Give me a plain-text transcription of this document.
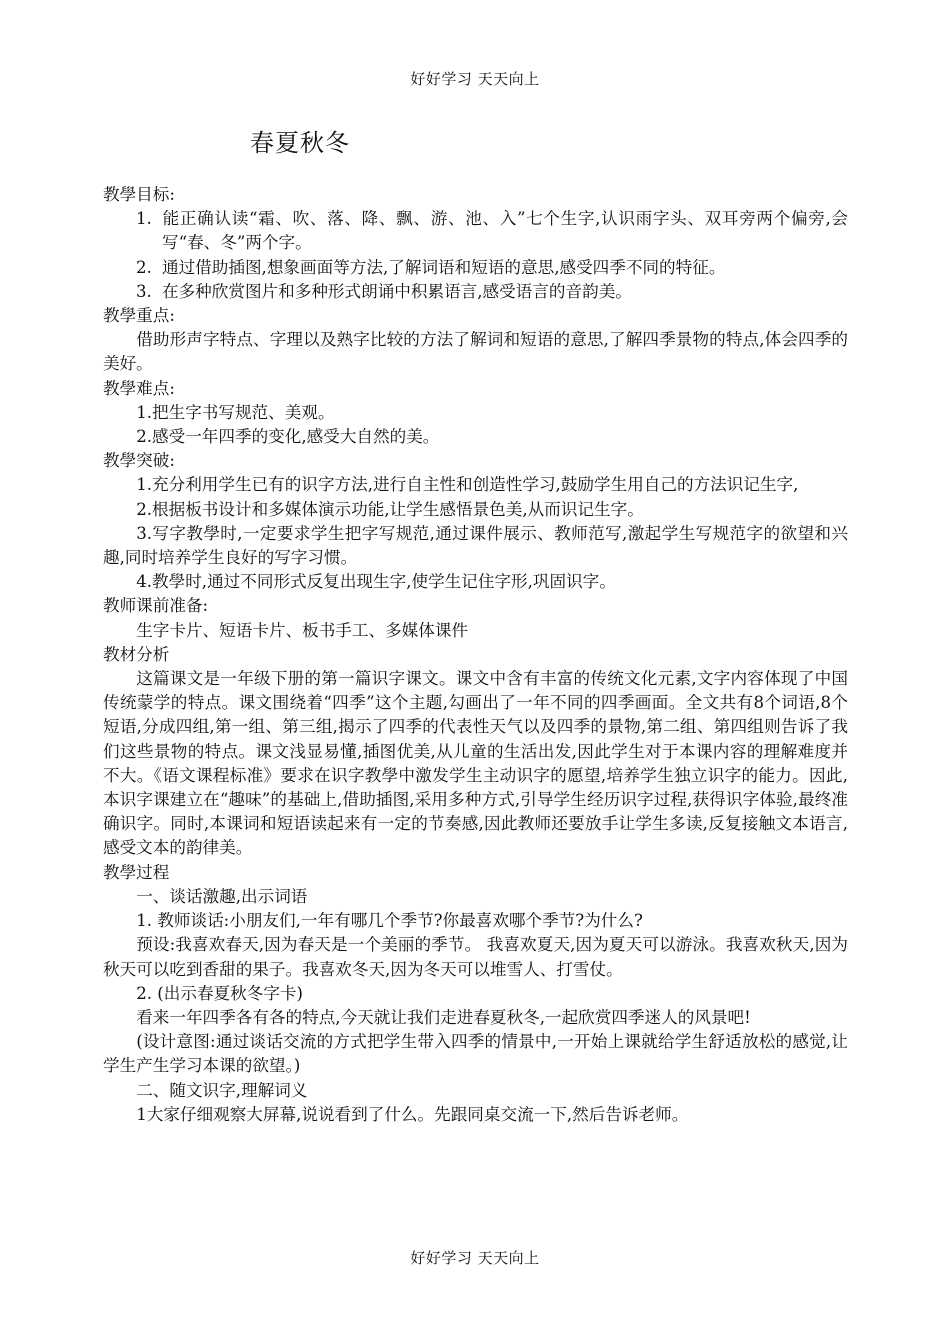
好好学习 天天向上
春夏秋冬

教學目标:

1. 能正确认读“霜、吹、落、降、飘、游、池、入”七个生字,认识雨字头、双耳旁两个偏旁,会写“春、冬”两个字。
2. 通过借助插图,想象画面等方法,了解词语和短语的意思,感受四季不同的特征。
3. 在多种欣赏图片和多种形式朗诵中积累语言,感受语言的音韵美。

教學重点:

借助形声字特点、字理以及熟字比较的方法了解词和短语的意思,了解四季景物的特点,体会四季的美好。

教學难点:

1.把生字书写规范、美观。

2.感受一年四季的变化,感受大自然的美。

教學突破:

1.充分利用学生已有的识字方法,进行自主性和创造性学习,鼓励学生用自己的方法识记生字,

2.根据板书设计和多媒体演示功能,让学生感悟景色美,从而识记生字。

3.写字教學时,一定要求学生把字写规范,通过课件展示、教师范写,激起学生写规范字的欲望和兴趣,同时培养学生良好的写字习惯。

4.教學时,通过不同形式反复出现生字,使学生记住字形,巩固识字。

教师课前准备:

生字卡片、短语卡片、板书手工、多媒体课件

教材分析

这篇课文是一年级下册的第一篇识字课文。课文中含有丰富的传统文化元素,文字内容体现了中国传统蒙学的特点。课文围绕着“四季”这个主题,勾画出了一年不同的四季画面。全文共有8个词语,8个短语,分成四组,第一组、第三组,揭示了四季的代表性天气以及四季的景物,第二组、第四组则告诉了我们这些景物的特点。课文浅显易懂,插图优美,从儿童的生活出发,因此学生对于本课内容的理解难度并不大。《语文课程标准》要求在识字教學中激发学生主动识字的愿望,培养学生独立识字的能力。因此,本识字课建立在“趣味”的基础上,借助插图,采用多种方式,引导学生经历识字过程,获得识字体验,最终准确识字。同时,本课词和短语读起来有一定的节奏感,因此教师还要放手让学生多读,反复接触文本语言,感受文本的韵律美。

教學过程

一、谈话激趣,出示词语

1. 教师谈话:小朋友们,一年有哪几个季节?你最喜欢哪个季节?为什么?

预设:我喜欢春天,因为春天是一个美丽的季节。 我喜欢夏天,因为夏天可以游泳。我喜欢秋天,因为秋天可以吃到香甜的果子。我喜欢冬天,因为冬天可以堆雪人、打雪仗。

2. (出示春夏秋冬字卡)

看来一年四季各有各的特点,今天就让我们走进春夏秋冬,一起欣赏四季迷人的风景吧!

(设计意图:通过谈话交流的方式把学生带入四季的情景中,一开始上课就给学生舒适放松的感觉,让学生产生学习本课的欲望。)

二、随文识字,理解词义

1大家仔细观察大屏幕,说说看到了什么。先跟同桌交流一下,然后告诉老师。

好好学习 天天向上
